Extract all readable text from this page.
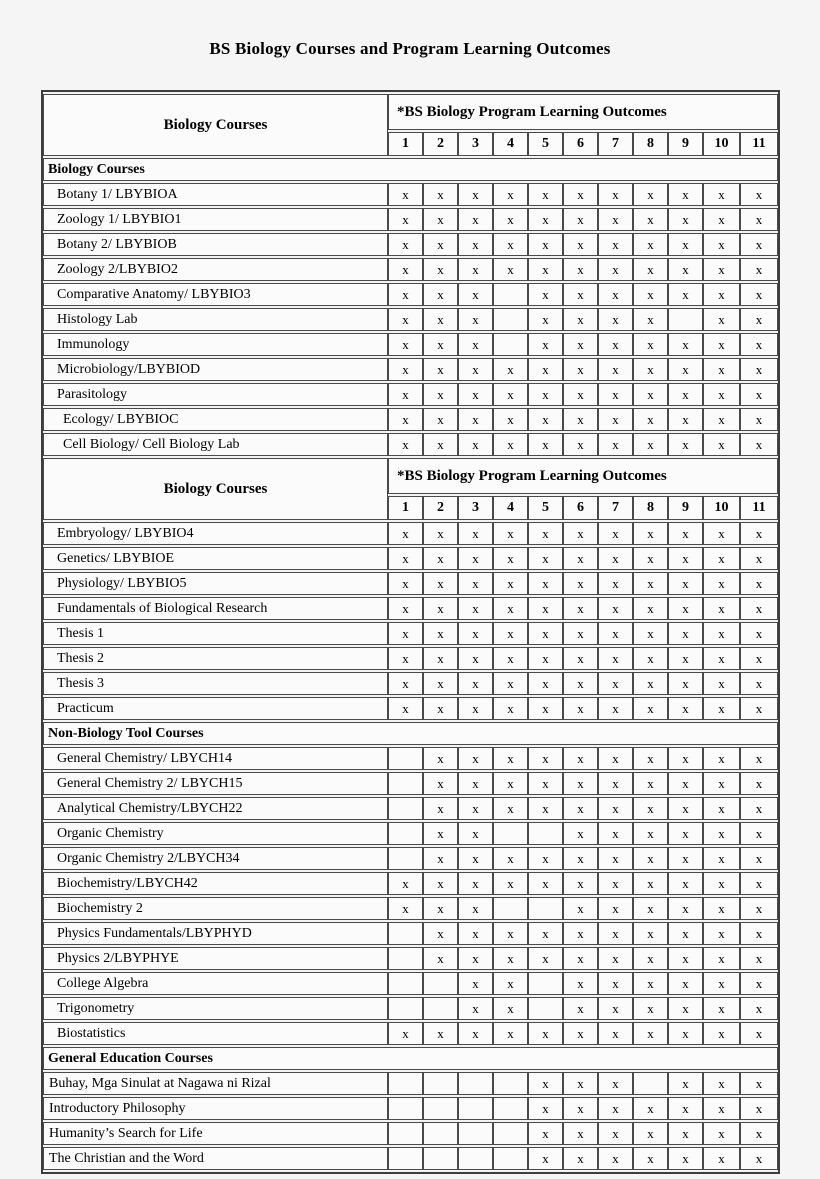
BS Biology Courses and Program Learning Outcomes
Biology Courses	*BS Biology Program Learning Outcomes										
	1	2	3	4	5	6	7	8	9	10	11
Biology Courses											
Botany 1/ LBYBIOA	x	x	x	x	x	x	x	x	x	x	x
Zoology 1/ LBYBIO1	x	x	x	x	x	x	x	x	x	x	x
Botany 2/ LBYBIOB	x	x	x	x	x	x	x	x	x	x	x
Zoology 2/LBYBIO2	x	x	x	x	x	x	x	x	x	x	x
Comparative Anatomy/ LBYBIO3	x	x	x		x	x	x	x	x	x	x
Histology Lab	x	x	x		x	x	x	x		x	x
Immunology	x	x	x		x	x	x	x	x	x	x
Microbiology/LBYBIOD	x	x	x	x	x	x	x	x	x	x	x
Parasitology	x	x	x	x	x	x	x	x	x	x	x
Ecology/ LBYBIOC	x	x	x	x	x	x	x	x	x	x	x
Cell Biology/ Cell Biology Lab	x	x	x	x	x	x	x	x	x	x	x
Biology Courses	*BS Biology Program Learning Outcomes										
	1	2	3	4	5	6	7	8	9	10	11
Embryology/ LBYBIO4	x	x	x	x	x	x	x	x	x	x	x
Genetics/ LBYBIOE	x	x	x	x	x	x	x	x	x	x	x
Physiology/ LBYBIO5	x	x	x	x	x	x	x	x	x	x	x
Fundamentals of Biological Research	x	x	x	x	x	x	x	x	x	x	x
Thesis 1	x	x	x	x	x	x	x	x	x	x	x
Thesis 2	x	x	x	x	x	x	x	x	x	x	x
Thesis 3	x	x	x	x	x	x	x	x	x	x	x
Practicum	x	x	x	x	x	x	x	x	x	x	x
Non-Biology Tool Courses											
General Chemistry/ LBYCH14		x	x	x	x	x	x	x	x	x	x
General Chemistry 2/ LBYCH15		x	x	x	x	x	x	x	x	x	x
Analytical Chemistry/LBYCH22		x	x	x	x	x	x	x	x	x	x
Organic Chemistry		x	x			x	x	x	x	x	x
Organic Chemistry 2/LBYCH34		x	x	x	x	x	x	x	x	x	x
Biochemistry/LBYCH42	x	x	x	x	x	x	x	x	x	x	x
Biochemistry 2	x	x	x			x	x	x	x	x	x
Physics Fundamentals/LBYPHYD		x	x	x	x	x	x	x	x	x	x
Physics 2/LBYPHYE		x	x	x	x	x	x	x	x	x	x
College Algebra			x	x		x	x	x	x	x	x
Trigonometry			x	x		x	x	x	x	x	x
Biostatistics	x	x	x	x	x	x	x	x	x	x	x
General Education Courses											
Buhay, Mga Sinulat at Nagawa ni Rizal					x	x	x		x	x	x
Introductory Philosophy					x	x	x	x	x	x	x
Humanity’s Search for Life					x	x	x	x	x	x	x
The Christian and the Word					x	x	x	x	x	x	x
